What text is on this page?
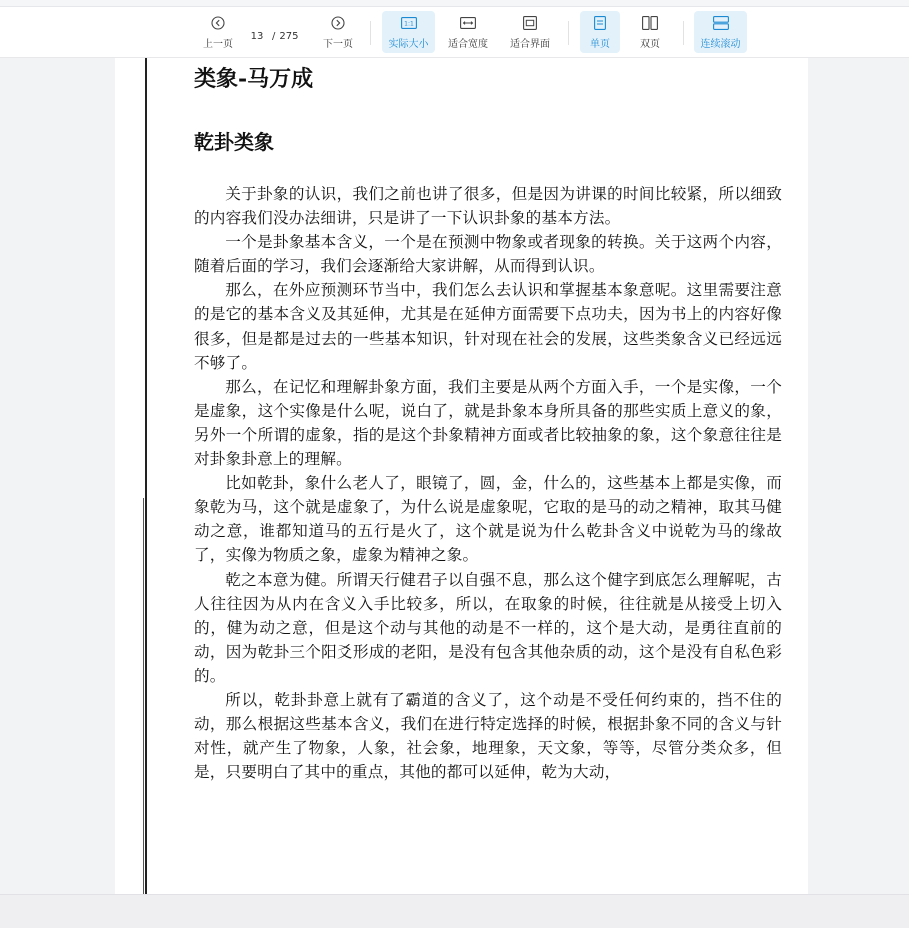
上一页
13 / 275
下一页
1:1
实际大小 适合宽度 适合界面	单页	双页	连续滚动
类象-马万成
乾卦类象

关于卦象的认识，我们之前也讲了很多，但是因为讲课的时间比较紧，所以细致的内容我们没办法细讲，只是讲了一下认识卦象的基本方法。

一个是卦象基本含义，一个是在预测中物象或者现象的转换。关于这两个内容，随着后面的学习，我们会逐渐给大家讲解，从而得到认识。

那么，在外应预测环节当中，我们怎么去认识和掌握基本象意呢。这里需要注意的是它的基本含义及其延伸，尤其是在延伸方面需要下点功夫，因为书上的内容好像很多，但是都是过去的一些基本知识，针对现在社会的发展，这些类象含义已经远远不够了。

那么，在记忆和理解卦象方面，我们主要是从两个方面入手，一个是实像，一个是虚象，这个实像是什么呢，说白了，就是卦象本身所具备的那些实质上意义的象，另外一个所谓的虚象，指的是这个卦象精神方面或者比较抽象的象，这个象意往往是对卦象卦意上的理解。

比如乾卦，象什么老人了，眼镜了，圆，金，什么的，这些基本上都是实像，而象乾为马，这个就是虚象了，为什么说是虚象呢，它取的是马的动之精神，取其马健动之意，谁都知道马的五行是火了，这个就是说为什么乾卦含义中说乾为马的缘故了，实像为物质之象，虚象为精神之象。

乾之本意为健。所谓天行健君子以自强不息，那么这个健字到底怎么理解呢，古人往往因为从内在含义入手比较多，所以，在取象的时候，往往就是从接受上切入的，健为动之意，但是这个动与其他的动是不一样的，这个是大动，是勇往直前的动，因为乾卦三个阳爻形成的老阳，是没有包含其他杂质的动，这个是没有自私色彩的。

所以，乾卦卦意上就有了霸道的含义了，这个动是不受任何约束的，挡不住的动，那么根据这些基本含义，我们在进行特定选择的时候，根据卦象不同的含义与针对性，就产生了物象，人象，社会象，地理象，天文象，等等，尽管分类众多，但是，只要明白了其中的重点，其他的都可以延伸，乾为大动，
